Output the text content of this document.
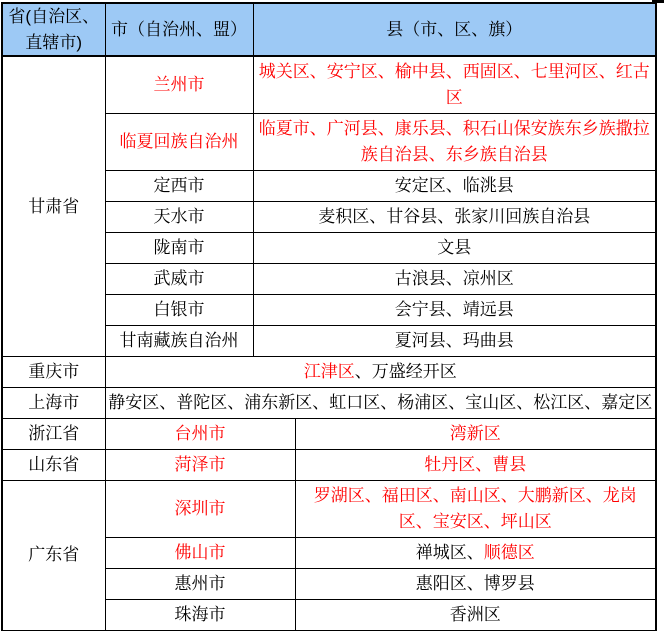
省(自治区、直辖市)	市（自治州、盟）	县（市、区、旗）	
甘肃省	兰州市	城关区、安宁区、榆中县、西固区、七里河区、红古区	
	临夏回族自治州	临夏市、广河县、康乐县、积石山保安族东乡族撒拉族自治县、东乡族自治县	
	定西市	安定区、临洮县	
	天水市	麦积区、甘谷县、张家川回族自治县	
	陇南市	文县	
	武威市	古浪县、凉州区	
	白银市	会宁县、靖远县	
	甘南藏族自治州	夏河县、玛曲县	
重庆市	江津区、万盛经开区		
上海市	静安区、普陀区、浦东新区、虹口区、杨浦区、宝山区、松江区、嘉定区		
浙江省	台州市		湾新区
山东省	菏泽市		牡丹区、曹县
广东省	深圳市		罗湖区、福田区、南山区、大鹏新区、龙岗区、宝安区、坪山区
	佛山市		禅城区、顺德区
	惠州市		惠阳区、博罗县
	珠海市		香洲区
